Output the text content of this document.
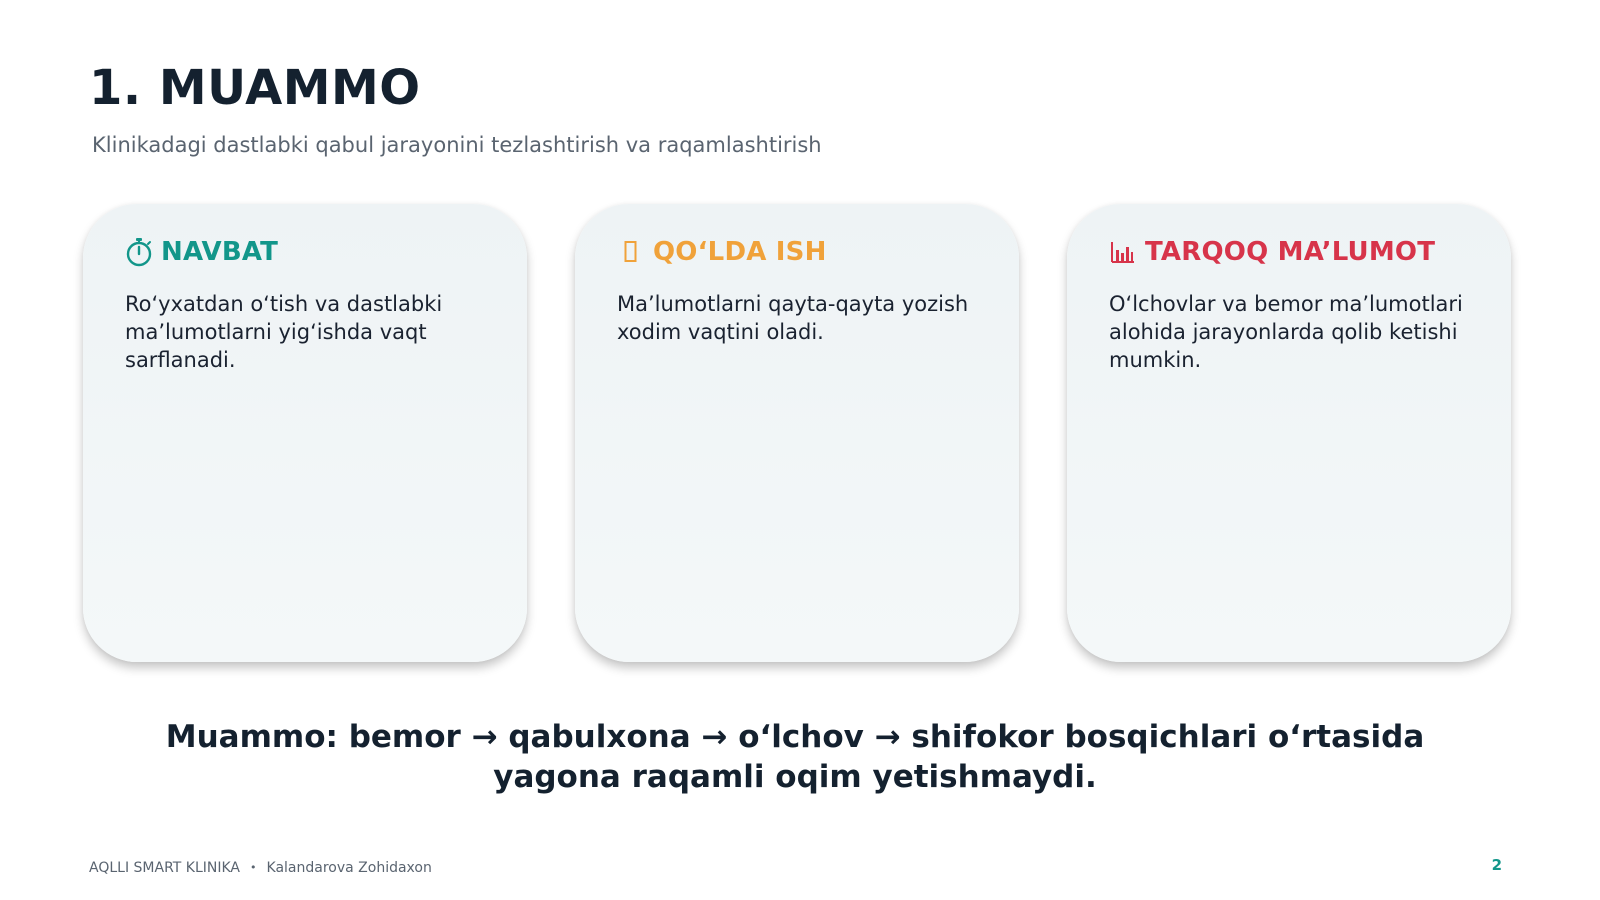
1. MUAMMO

Klinikadagi dastlabki qabul jarayonini tezlashtirish va raqamlashtirish

NAVBAT

Ro‘yxatdan o‘tish va dastlabki ma’lumotlarni yig‘ishda vaqt sarflanadi.

QO‘LDA ISH

Ma’lumotlarni qayta-qayta yozish xodim vaqtini oladi.

TARQOQ MA’LUMOT

O‘lchovlar va bemor ma’lumotlari alohida jarayonlarda qolib ketishi mumkin.

Muammo: bemor → qabulxona → o‘lchov → shifokor bosqichlari o‘rtasida yagona raqamli oqim yetishmaydi.

AQLLI SMART KLINIKA • Kalandarova Zohidaxon	2
